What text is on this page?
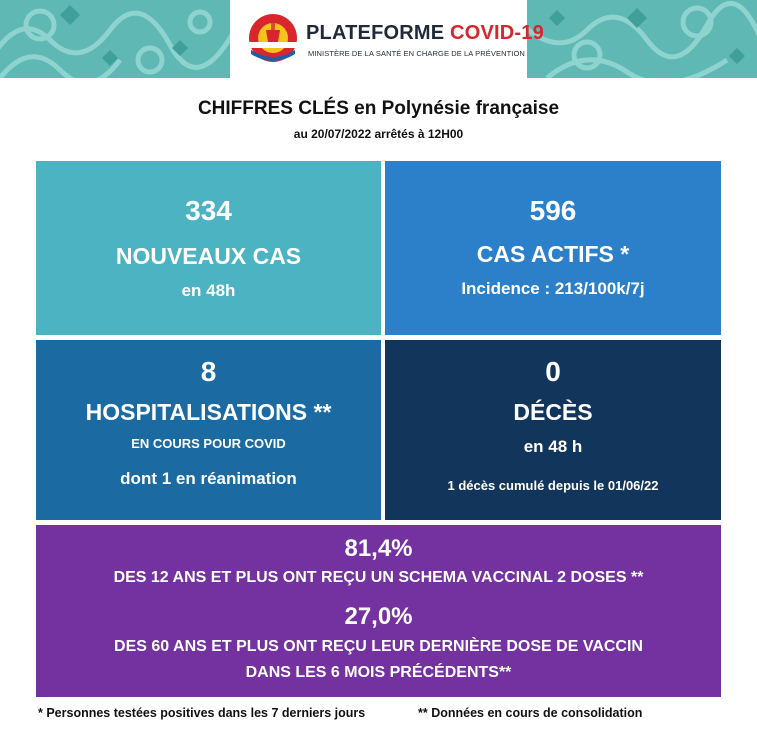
PLATEFORME COVID-19
MINISTÈRE DE LA SANTÉ EN CHARGE DE LA PRÉVENTION
CHIFFRES CLÉS en Polynésie française
au 20/07/2022 arrêtés à 12H00
334
NOUVEAUX CAS
en 48h
596
CAS ACTIFS *
Incidence : 213/100k/7j
8
HOSPITALISATIONS **
EN COURS POUR COVID
dont 1 en réanimation
0
DÉCÈS
en 48 h
1 décès cumulé depuis le 01/06/22
81,4%
DES 12 ANS ET PLUS ONT REÇU UN SCHEMA VACCINAL 2 DOSES **
27,0%
DES 60 ANS ET PLUS ONT REÇU LEUR DERNIÈRE DOSE DE VACCIN
DANS LES 6 MOIS PRÉCÉDENTS**
* Personnes testées positives dans les 7 derniers jours	** Données en cours de consolidation
